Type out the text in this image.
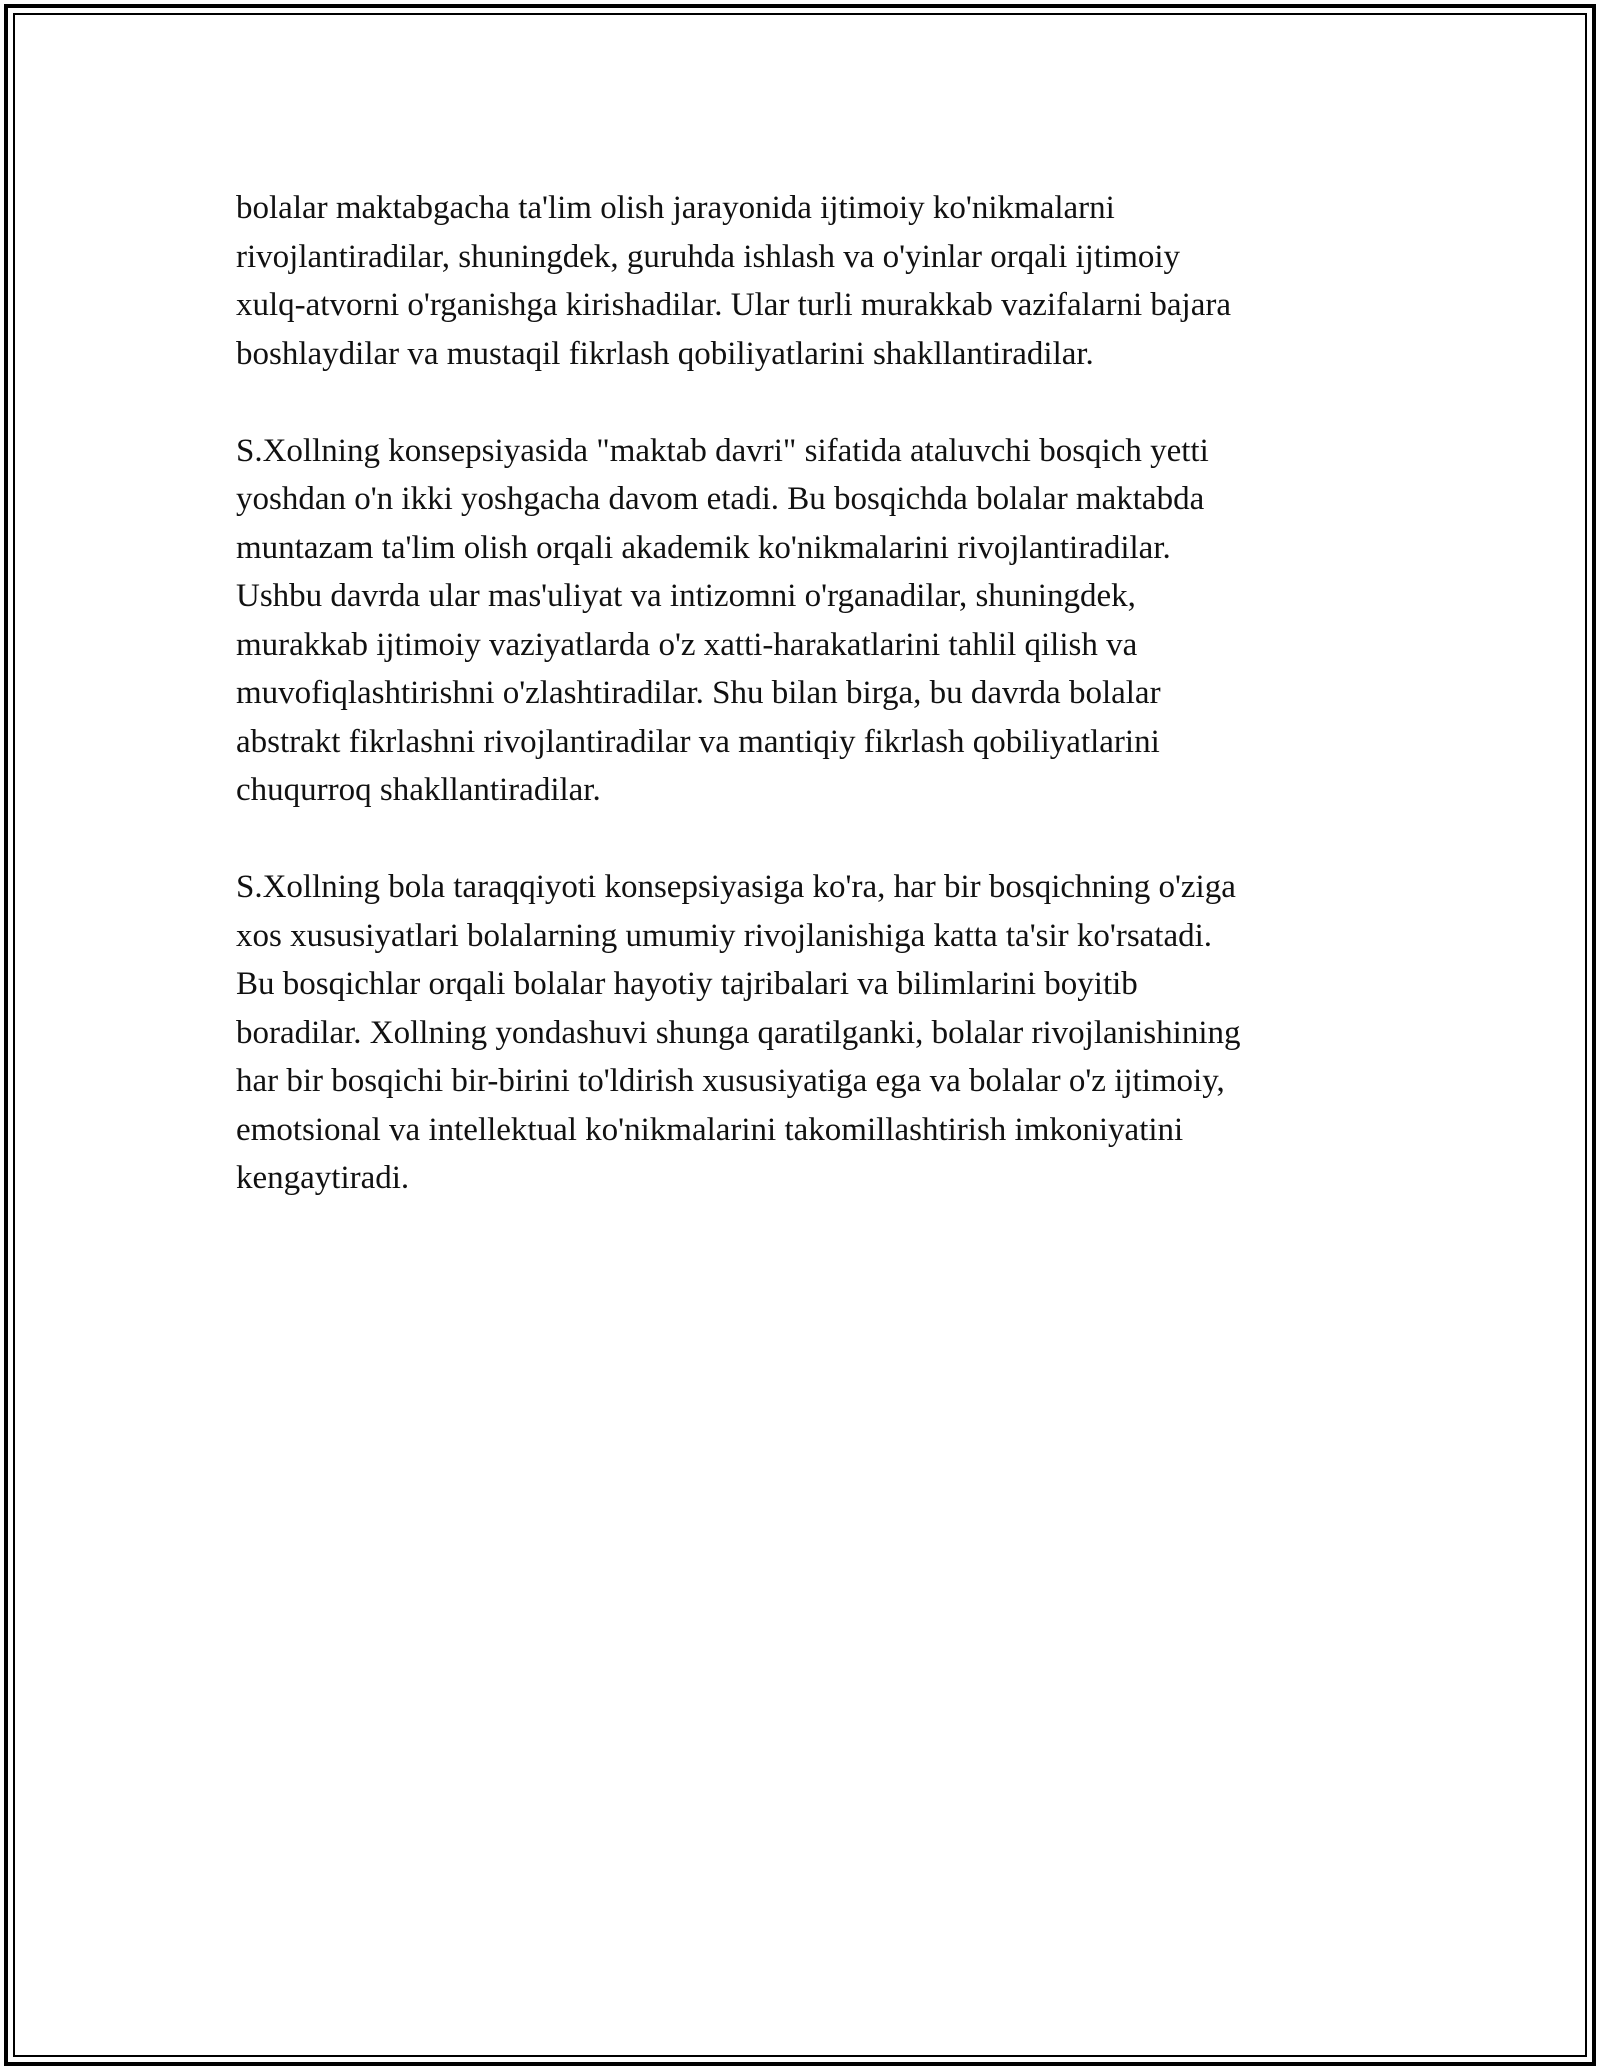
bolalar maktabgacha ta'lim olish jarayonida ijtimoiy ko'nikmalarni
rivojlantiradilar, shuningdek, guruhda ishlash va o'yinlar orqali ijtimoiy
xulq-atvorni o'rganishga kirishadilar. Ular turli murakkab vazifalarni bajara
boshlaydilar va mustaqil fikrlash qobiliyatlarini shakllantiradilar.

S.Xollning konsepsiyasida "maktab davri" sifatida ataluvchi bosqich yetti
yoshdan o'n ikki yoshgacha davom etadi. Bu bosqichda bolalar maktabda
muntazam ta'lim olish orqali akademik ko'nikmalarini rivojlantiradilar.
Ushbu davrda ular mas'uliyat va intizomni o'rganadilar, shuningdek,
murakkab ijtimoiy vaziyatlarda o'z xatti-harakatlarini tahlil qilish va
muvofiqlashtirishni o'zlashtiradilar. Shu bilan birga, bu davrda bolalar
abstrakt fikrlashni rivojlantiradilar va mantiqiy fikrlash qobiliyatlarini
chuqurroq shakllantiradilar.

S.Xollning bola taraqqiyoti konsepsiyasiga ko'ra, har bir bosqichning o'ziga
xos xususiyatlari bolalarning umumiy rivojlanishiga katta ta'sir ko'rsatadi.
Bu bosqichlar orqali bolalar hayotiy tajribalari va bilimlarini boyitib
boradilar. Xollning yondashuvi shunga qaratilganki, bolalar rivojlanishining
har bir bosqichi bir-birini to'ldirish xususiyatiga ega va bolalar o'z ijtimoiy,
emotsional va intellektual ko'nikmalarini takomillashtirish imkoniyatini
kengaytiradi.
